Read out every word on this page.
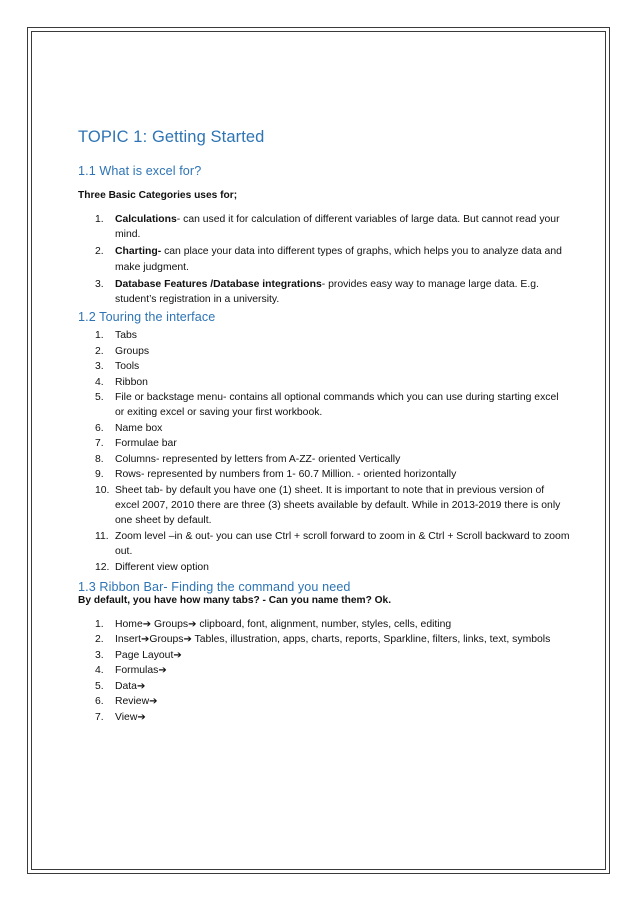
TOPIC 1: Getting Started
1.1 What is excel for?

Three Basic Categories uses for;

1. Calculations- can used it for calculation of different variables of large data. But cannot read your mind.
2. Charting- can place your data into different types of graphs, which helps you to analyze data and make judgment.
3. Database Features /Database integrations- provides easy way to manage large data. E.g. student’s registration in a university.
1.2 Touring the interface
1. Tabs
2. Groups
3. Tools
4. Ribbon
5. File or backstage menu- contains all optional commands which you can use during starting excel or exiting excel or saving your first workbook.
6. Name box
7. Formulae bar
8. Columns- represented by letters from A-ZZ- oriented Vertically
9. Rows- represented by numbers from 1- 60.7 Million. - oriented horizontally
10. Sheet tab- by default you have one (1) sheet. It is important to note that in previous version of excel 2007, 2010 there are three (3) sheets available by default. While in 2013-2019 there is only one sheet by default.
11. Zoom level –in & out- you can use Ctrl + scroll forward to zoom in & Ctrl + Scroll backward to zoom out.
12. Different view option
1.3 Ribbon Bar- Finding the command you need

By default, you have how many tabs? - Can you name them? Ok.

1. Home➔ Groups➔ clipboard, font, alignment, number, styles, cells, editing
2. Insert➔Groups➔ Tables, illustration, apps, charts, reports, Sparkline, filters, links, text, symbols
3. Page Layout➔
4. Formulas➔
5. Data➔
6. Review➔
7. View➔
